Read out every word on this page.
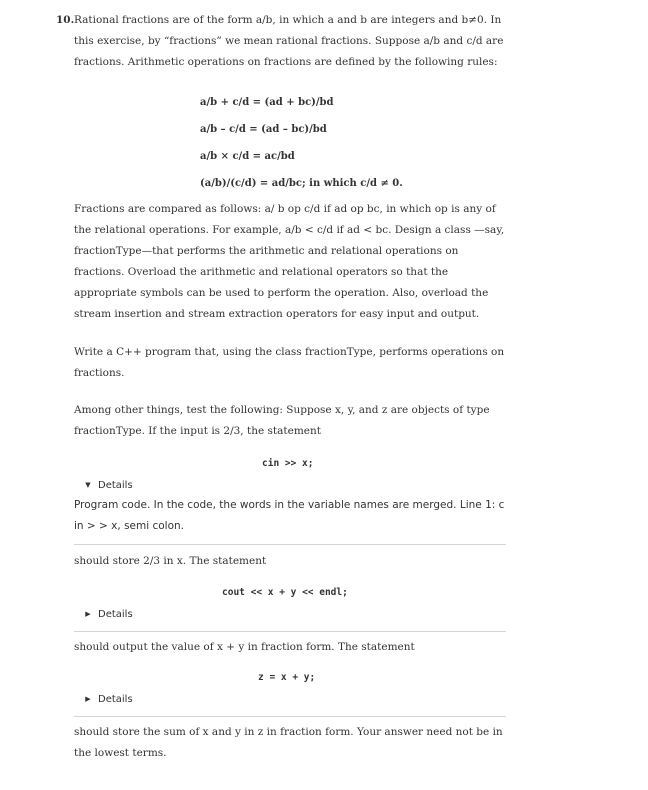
10. Rational fractions are of the form a/b, in which a and b are integers and b≠0. In this exercise, by “fractions” we mean rational fractions. Suppose a/b and c/d are fractions. Arithmetic operations on fractions are defined by the following rules:
a/b + c/d = (ad + bc)/bd
a/b – c/d = (ad – bc)/bd
a/b × c/d = ac/bd
(a/b)/(c/d) = ad/bc; in which c/d ≠ 0.
Fractions are compared as follows: a/ b op c/d if ad op bc, in which op is any of the relational operations. For example, a/b < c/d if ad < bc. Design a class —say, fractionType—that performs the arithmetic and relational operations on fractions. Overload the arithmetic and relational operators so that the appropriate symbols can be used to perform the operation. Also, overload the stream insertion and stream extraction operators for easy input and output.
Write a C++ program that, using the class fractionType, performs operations on fractions.
Among other things, test the following: Suppose x, y, and z are objects of type fractionType. If the input is 2/3, the statement
cin >> x;
▼ Details
Program code. In the code, the words in the variable names are merged. Line 1: c in > > x, semi colon.
should store 2/3 in x. The statement
cout << x + y << endl;
▶ Details
should output the value of x + y in fraction form. The statement
z = x + y;
▶ Details
should store the sum of x and y in z in fraction form. Your answer need not be in the lowest terms.
